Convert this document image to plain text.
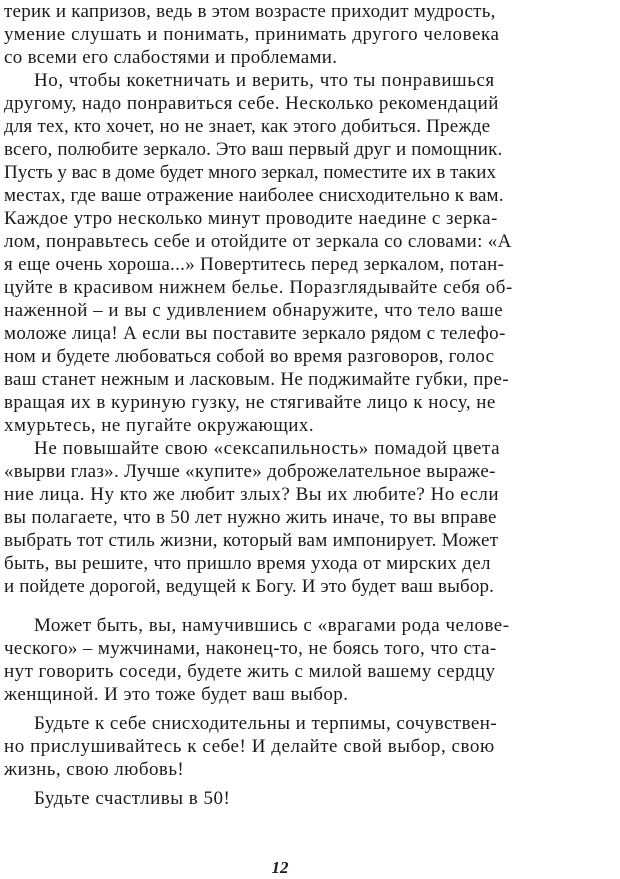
терик и капризов, ведь в этом возрасте приходит мудрость,
умение слушать и понимать, принимать другого человека
со всеми его слабостями и проблемами.
Но, чтобы кокетничать и верить, что ты понравишься
другому, надо понравиться себе. Несколько рекомендаций
для тех, кто хочет, но не знает, как этого добиться. Прежде
всего, полюбите зеркало. Это ваш первый друг и помощник.
Пусть у вас в доме будет много зеркал, поместите их в таких
местах, где ваше отражение наиболее снисходительно к вам.
Каждое утро несколько минут проводите наедине с зерка-
лом, понравьтесь себе и отойдите от зеркала со словами: «А
я еще очень хороша...» Повертитесь перед зеркалом, потан-
цуйте в красивом нижнем белье. Поразглядывайте себя об-
наженной – и вы с удивлением обнаружите, что тело ваше
моложе лица! А если вы поставите зеркало рядом с телефо-
ном и будете любоваться собой во время разговоров, голос
ваш станет нежным и ласковым. Не поджимайте губки, пре-
вращая их в куриную гузку, не стягивайте лицо к носу, не
хмурьтесь, не пугайте окружающих.
Не повышайте свою «сексапильность» помадой цвета
«вырви глаз». Лучше «купите» доброжелательное выраже-
ние лица. Ну кто же любит злых? Вы их любите? Но если
вы полагаете, что в 50 лет нужно жить иначе, то вы вправе
выбрать тот стиль жизни, который вам импонирует. Может
быть, вы решите, что пришло время ухода от мирских дел
и пойдете дорогой, ведущей к Богу. И это будет ваш выбор.
Может быть, вы, намучившись с «врагами рода челове-
ческого» – мужчинами, наконец-то, не боясь того, что ста-
нут говорить соседи, будете жить с милой вашему сердцу
женщиной. И это тоже будет ваш выбор.
Будьте к себе снисходительны и терпимы, сочувствен-
но прислушивайтесь к себе! И делайте свой выбор, свою
жизнь, свою любовь!
Будьте счастливы в 50!
12
